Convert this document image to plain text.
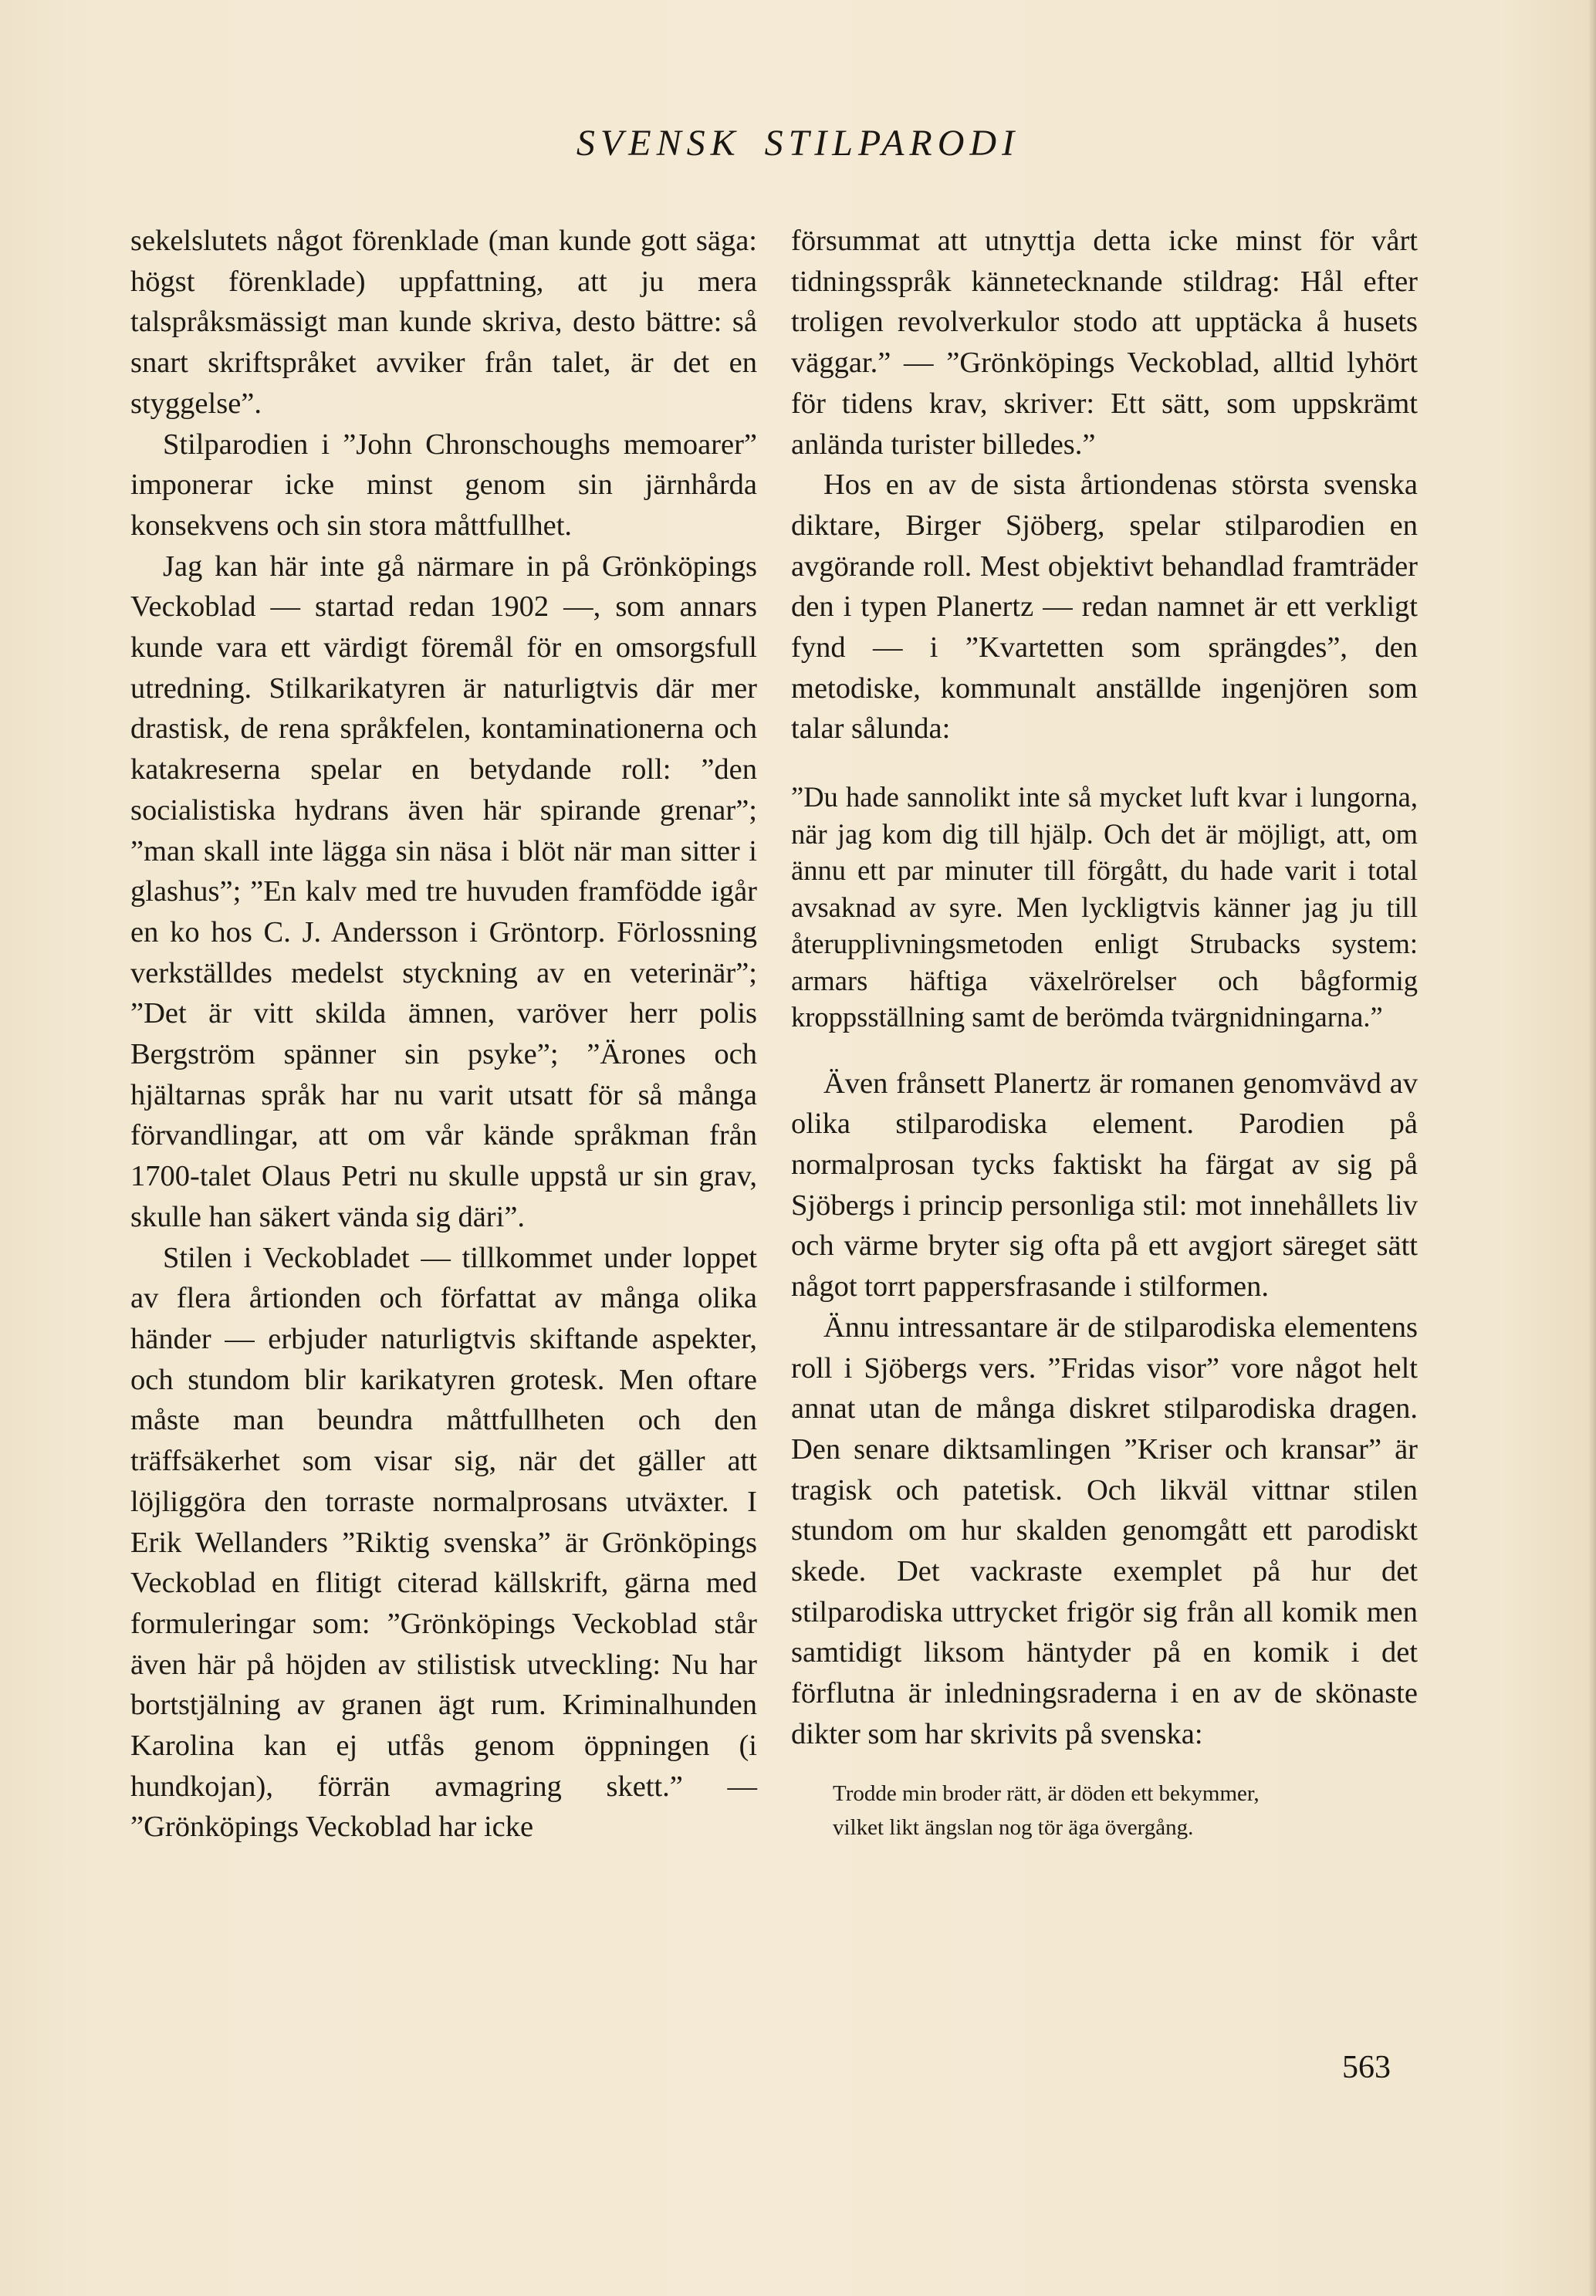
SVENSK STILPARODI

sekelslutets något förenklade (man kunde gott säga: högst förenklade) uppfattning, att ju mera talspråksmässigt man kunde skriva, desto bättre: så snart skriftspråket avviker från talet, är det en styggelse”.

Stilparodien i ”John Chronschoughs memoarer” imponerar icke minst genom sin järnhårda konsekvens och sin stora måttfullhet.

Jag kan här inte gå närmare in på Grönköpings Veckoblad — startad redan 1902 —, som annars kunde vara ett värdigt föremål för en omsorgsfull utredning. Stilkarikatyren är naturligtvis där mer drastisk, de rena språkfelen, kontaminationerna och katakreserna spelar en betydande roll: ”den socialistiska hydrans även här spirande grenar”; ”man skall inte lägga sin näsa i blöt när man sitter i glashus”; ”En kalv med tre huvuden framfödde igår en ko hos C. J. Andersson i Gröntorp. Förlossning verkställdes medelst styckning av en veterinär”; ”Det är vitt skilda ämnen, varöver herr polis Bergström spänner sin psyke”; ”Ärones och hjältarnas språk har nu varit utsatt för så många förvandlingar, att om vår kände språkman från 1700-talet Olaus Petri nu skulle uppstå ur sin grav, skulle han säkert vända sig däri”.

Stilen i Veckobladet — tillkommet under loppet av flera årtionden och författat av många olika händer — erbjuder naturligtvis skiftande aspekter, och stundom blir karikatyren grotesk. Men oftare måste man beundra måttfullheten och den träffsäkerhet som visar sig, när det gäller att löjliggöra den torraste normalprosans utväxter. I Erik Wellanders ”Riktig svenska” är Grönköpings Veckoblad en flitigt citerad källskrift, gärna med formuleringar som: ”Grönköpings Veckoblad står även här på höjden av stilistisk utveckling: Nu har bortstjälning av granen ägt rum. Kriminalhunden Karolina kan ej utfås genom öppningen (i hundkojan), förrän avmagring skett.” — ”Grönköpings Veckoblad har icke

försummat att utnyttja detta icke minst för vårt tidningsspråk kännetecknande stildrag: Hål efter troligen revolverkulor stodo att upptäcka å husets väggar.” — ”Grönköpings Veckoblad, alltid lyhört för tidens krav, skriver: Ett sätt, som uppskrämt anlända turister billedes.”

Hos en av de sista årtiondenas största svenska diktare, Birger Sjöberg, spelar stilparodien en avgörande roll. Mest objektivt behandlad framträder den i typen Planertz — redan namnet är ett verkligt fynd — i ”Kvartetten som sprängdes”, den metodiske, kommunalt anställde ingenjören som talar sålunda:

”Du hade sannolikt inte så mycket luft kvar i lungorna, när jag kom dig till hjälp. Och det är möjligt, att, om ännu ett par minuter till förgått, du hade varit i total avsaknad av syre. Men lyckligtvis känner jag ju till återupplivningsmetoden enligt Strubacks system: armars häftiga växelrörelser och bågformig kroppsställning samt de berömda tvärgnidningarna.”

Även frånsett Planertz är romanen genomvävd av olika stilparodiska element. Parodien på normalprosan tycks faktiskt ha färgat av sig på Sjöbergs i princip personliga stil: mot innehållets liv och värme bryter sig ofta på ett avgjort säreget sätt något torrt pappersfrasande i stilformen.

Ännu intressantare är de stilparodiska elementens roll i Sjöbergs vers. ”Fridas visor” vore något helt annat utan de många diskret stilparodiska dragen. Den senare diktsamlingen ”Kriser och kransar” är tragisk och patetisk. Och likväl vittnar stilen stundom om hur skalden genomgått ett parodiskt skede. Det vackraste exemplet på hur det stilparodiska uttrycket frigör sig från all komik men samtidigt liksom häntyder på en komik i det förflutna är inledningsraderna i en av de skönaste dikter som har skrivits på svenska:

Trodde min broder rätt, är döden ett bekymmer,
vilket likt ängslan nog tör äga övergång.
563
